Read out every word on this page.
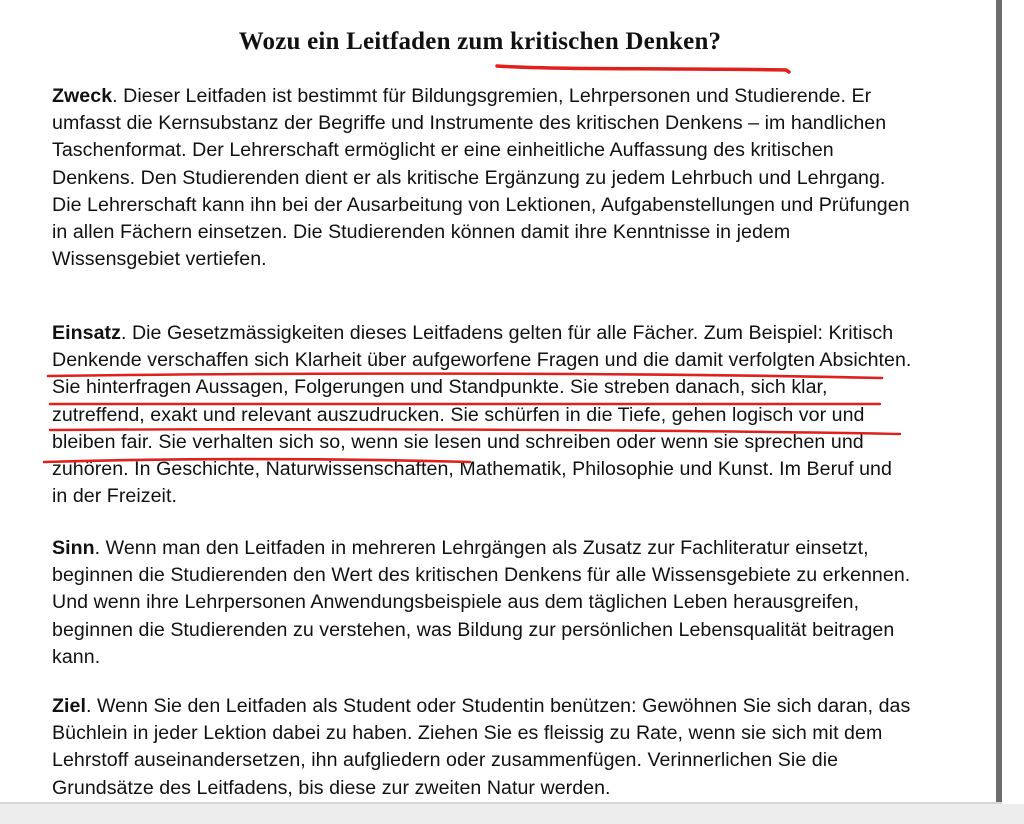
Wozu ein Leitfaden zum kritischen Denken?

Zweck. Dieser Leitfaden ist bestimmt für Bildungsgremien, Lehrpersonen und Studierende. Er umfasst die Kernsubstanz der Begriffe und Instrumente des kritischen Denkens – im handlichen Taschenformat. Der Lehrerschaft ermöglicht er eine einheitliche Auffassung des kritischen Denkens. Den Studierenden dient er als kritische Ergänzung zu jedem Lehrbuch und Lehrgang. Die Lehrerschaft kann ihn bei der Ausarbeitung von Lektionen, Aufgabenstellungen und Prüfungen in allen Fächern einsetzen. Die Studierenden können damit ihre Kenntnisse in jedem Wissensgebiet vertiefen.

Einsatz. Die Gesetzmässigkeiten dieses Leitfadens gelten für alle Fächer. Zum Beispiel: Kritisch Denkende verschaffen sich Klarheit über aufgeworfene Fragen und die damit verfolgten Absichten. Sie hinterfragen Aussagen, Folgerungen und Standpunkte. Sie streben danach, sich klar, zutreffend, exakt und relevant auszudrucken. Sie schürfen in die Tiefe, gehen logisch vor und bleiben fair. Sie verhalten sich so, wenn sie lesen und schreiben oder wenn sie sprechen und zuhören. In Geschichte, Naturwissenschaften, Mathematik, Philosophie und Kunst. Im Beruf und in der Freizeit.

Sinn. Wenn man den Leitfaden in mehreren Lehrgängen als Zusatz zur Fachliteratur einsetzt, beginnen die Studierenden den Wert des kritischen Denkens für alle Wissensgebiete zu erkennen. Und wenn ihre Lehrpersonen Anwendungsbeispiele aus dem täglichen Leben herausgreifen, beginnen die Studierenden zu verstehen, was Bildung zur persönlichen Lebensqualität beitragen kann.

Ziel. Wenn Sie den Leitfaden als Student oder Studentin benützen: Gewöhnen Sie sich daran, das Büchlein in jeder Lektion dabei zu haben. Ziehen Sie es fleissig zu Rate, wenn sie sich mit dem Lehrstoff auseinandersetzen, ihn aufgliedern oder zusammenfügen. Verinnerlichen Sie die Grundsätze des Leitfadens, bis diese zur zweiten Natur werden.
